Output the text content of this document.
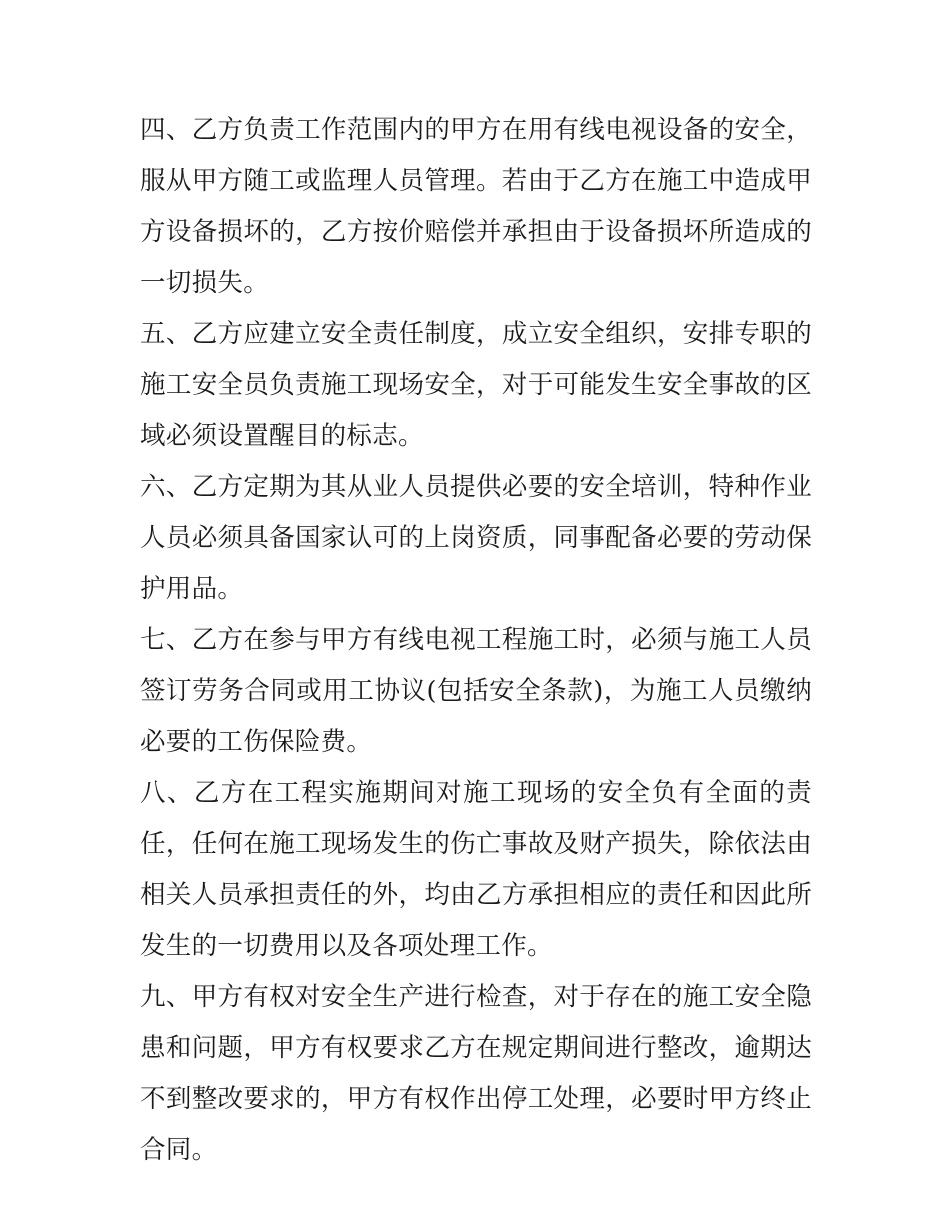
四、乙方负责工作范围内的甲方在用有线电视设备的安全，服从甲方随工或监理人员管理。若由于乙方在施工中造成甲方设备损坏的，乙方按价赔偿并承担由于设备损坏所造成的一切损失。

五、乙方应建立安全责任制度，成立安全组织，安排专职的施工安全员负责施工现场安全，对于可能发生安全事故的区域必须设置醒目的标志。

六、乙方定期为其从业人员提供必要的安全培训，特种作业人员必须具备国家认可的上岗资质，同事配备必要的劳动保护用品。

七、乙方在参与甲方有线电视工程施工时，必须与施工人员签订劳务合同或用工协议(包括安全条款)，为施工人员缴纳必要的工伤保险费。

八、乙方在工程实施期间对施工现场的安全负有全面的责任，任何在施工现场发生的伤亡事故及财产损失，除依法由相关人员承担责任的外，均由乙方承担相应的责任和因此所发生的一切费用以及各项处理工作。

九、甲方有权对安全生产进行检查，对于存在的施工安全隐患和问题，甲方有权要求乙方在规定期间进行整改，逾期达不到整改要求的，甲方有权作出停工处理，必要时甲方终止合同。
